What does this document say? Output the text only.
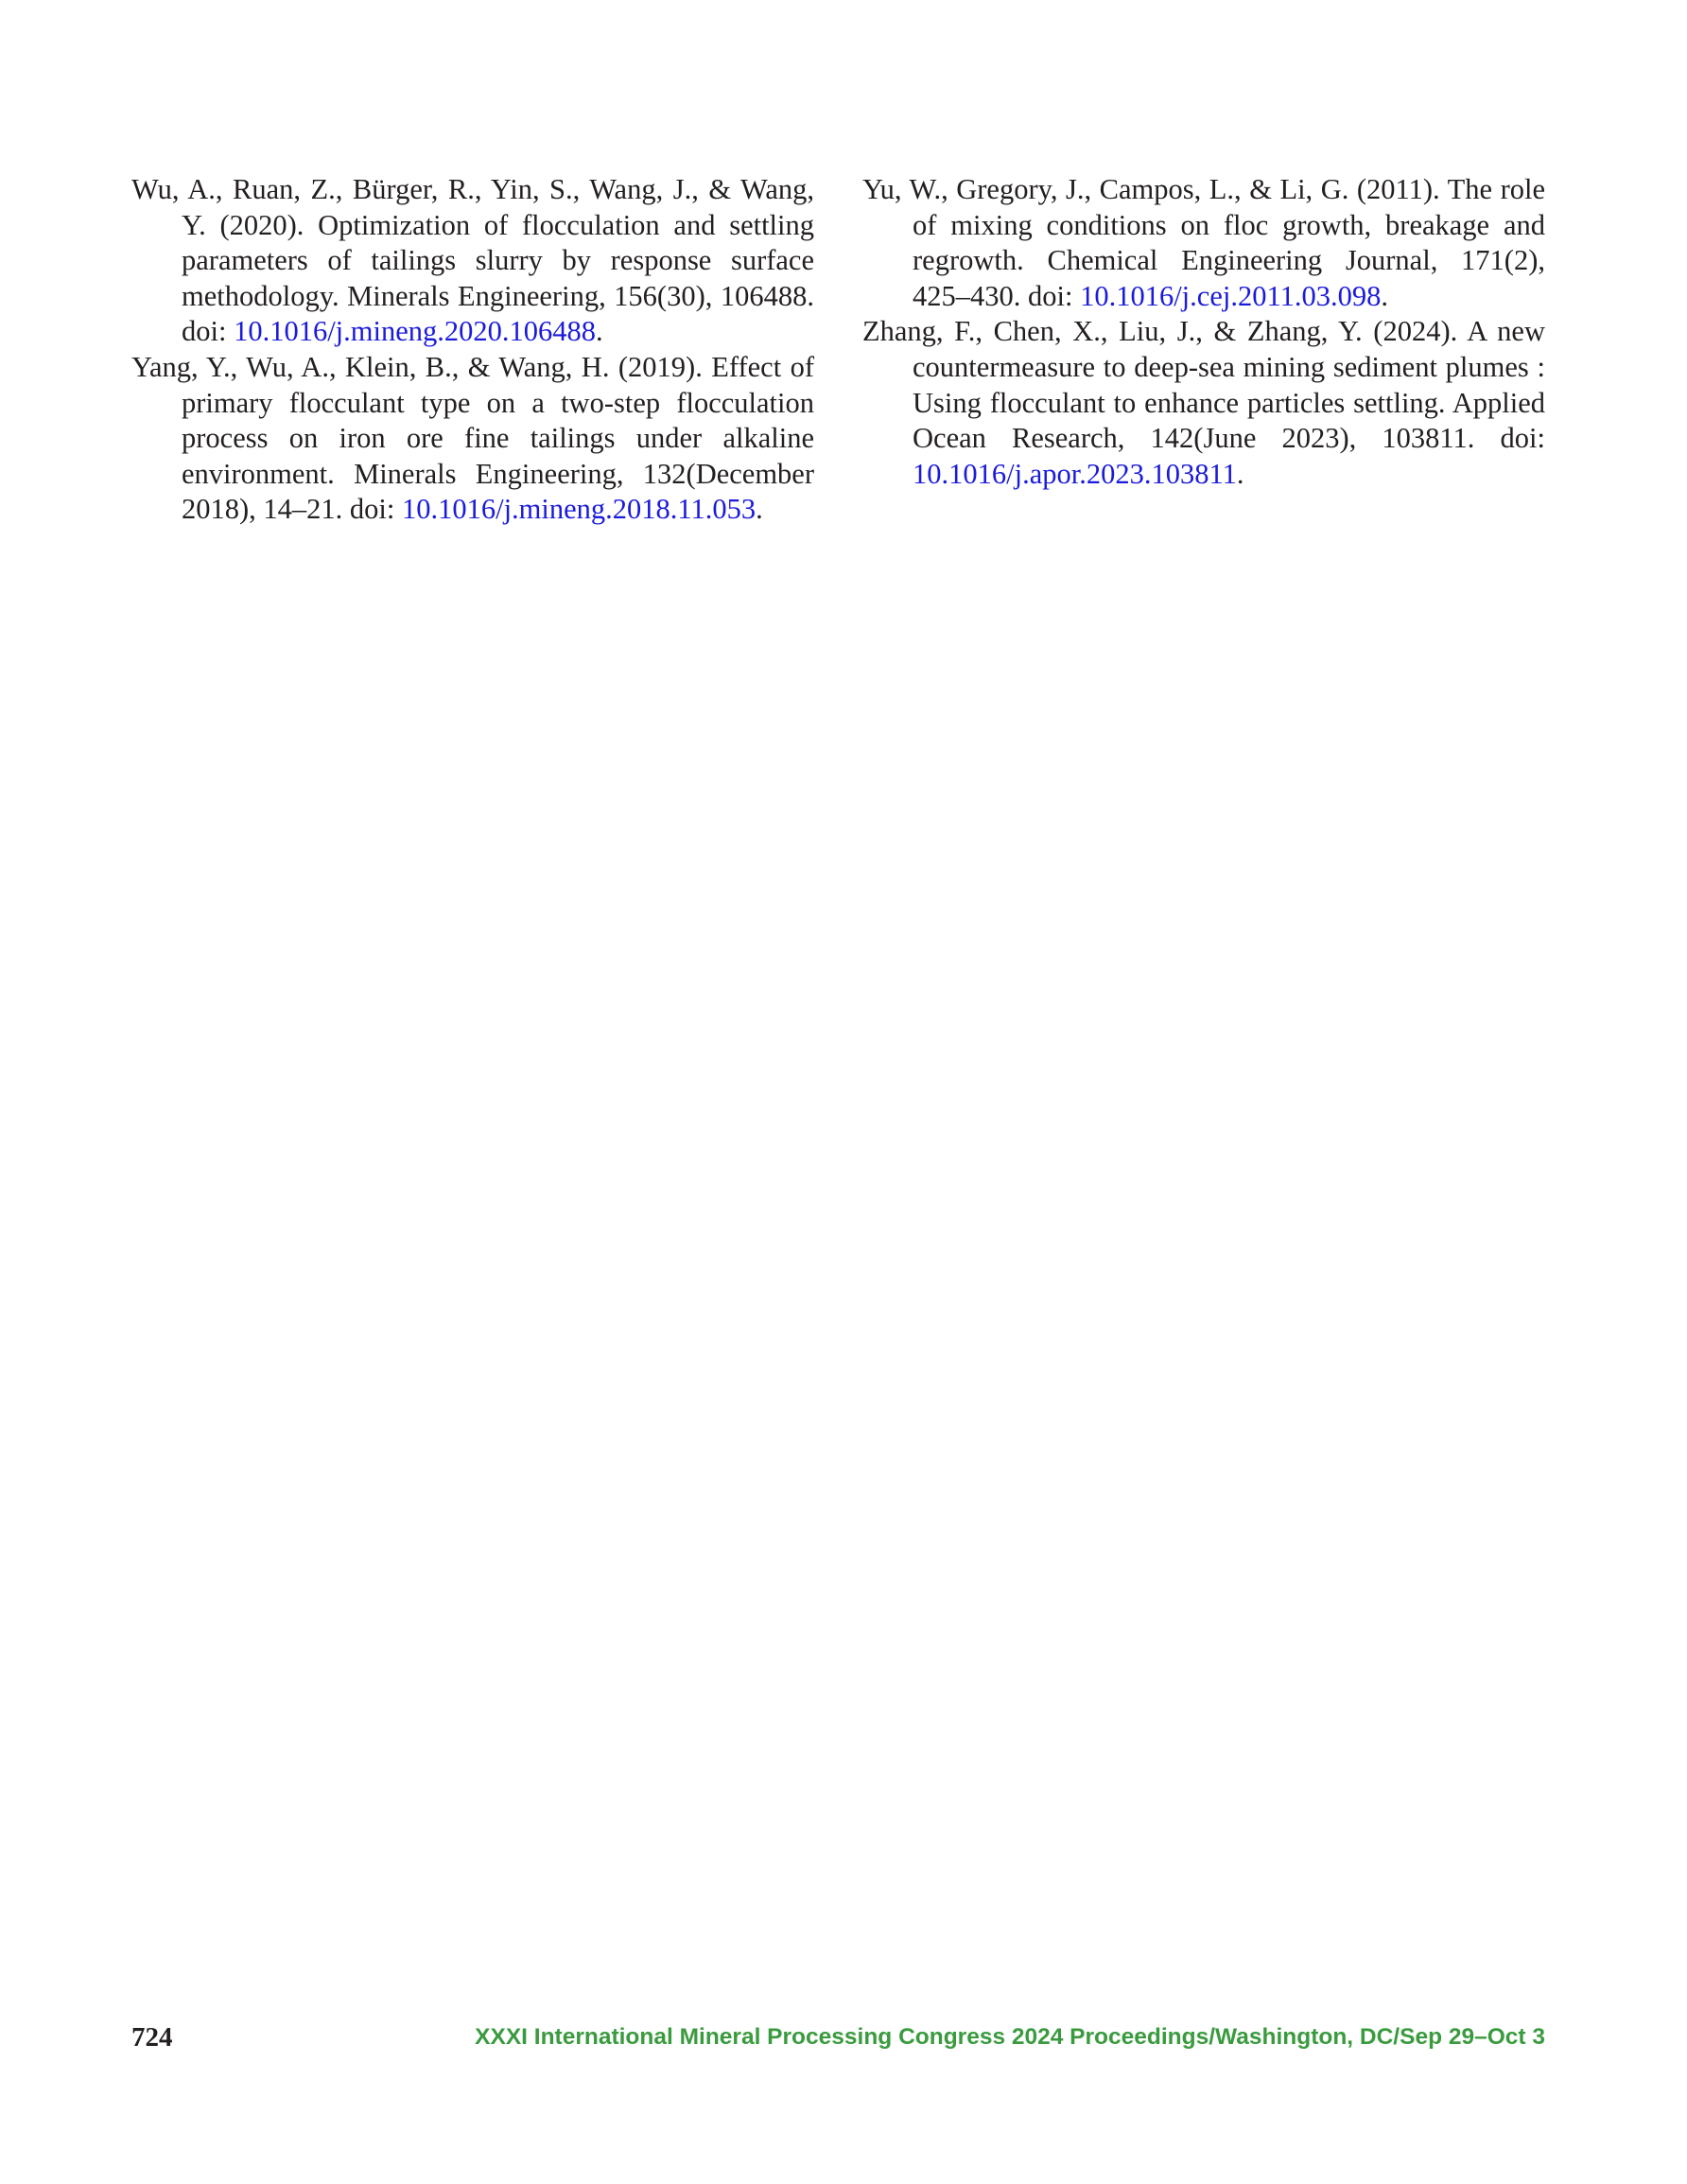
Wu, A., Ruan, Z., Bürger, R., Yin, S., Wang, J., & Wang, Y. (2020). Optimization of flocculation and settling parameters of tailings slurry by response surface methodology. Minerals Engineering, 156(30), 106488. doi: 10.1016/j.mineng.2020.106488.

Yang, Y., Wu, A., Klein, B., & Wang, H. (2019). Effect of primary flocculant type on a two-step flocculation process on iron ore fine tailings under alkaline environment. Minerals Engineering, 132(December 2018), 14–21. doi: 10.1016/j.mineng.2018.11.053.

Yu, W., Gregory, J., Campos, L., & Li, G. (2011). The role of mixing conditions on floc growth, breakage and regrowth. Chemical Engineering Journal, 171(2), 425–430. doi: 10.1016/j.cej.2011.03.098.

Zhang, F., Chen, X., Liu, J., & Zhang, Y. (2024). A new countermeasure to deep-sea mining sediment plumes : Using flocculant to enhance particles settling. Applied Ocean Research, 142(June 2023), 103811. doi: 10.1016/j.apor.2023.103811.

724	XXXI International Mineral Processing Congress 2024 Proceedings/Washington, DC/Sep 29–Oct 3
